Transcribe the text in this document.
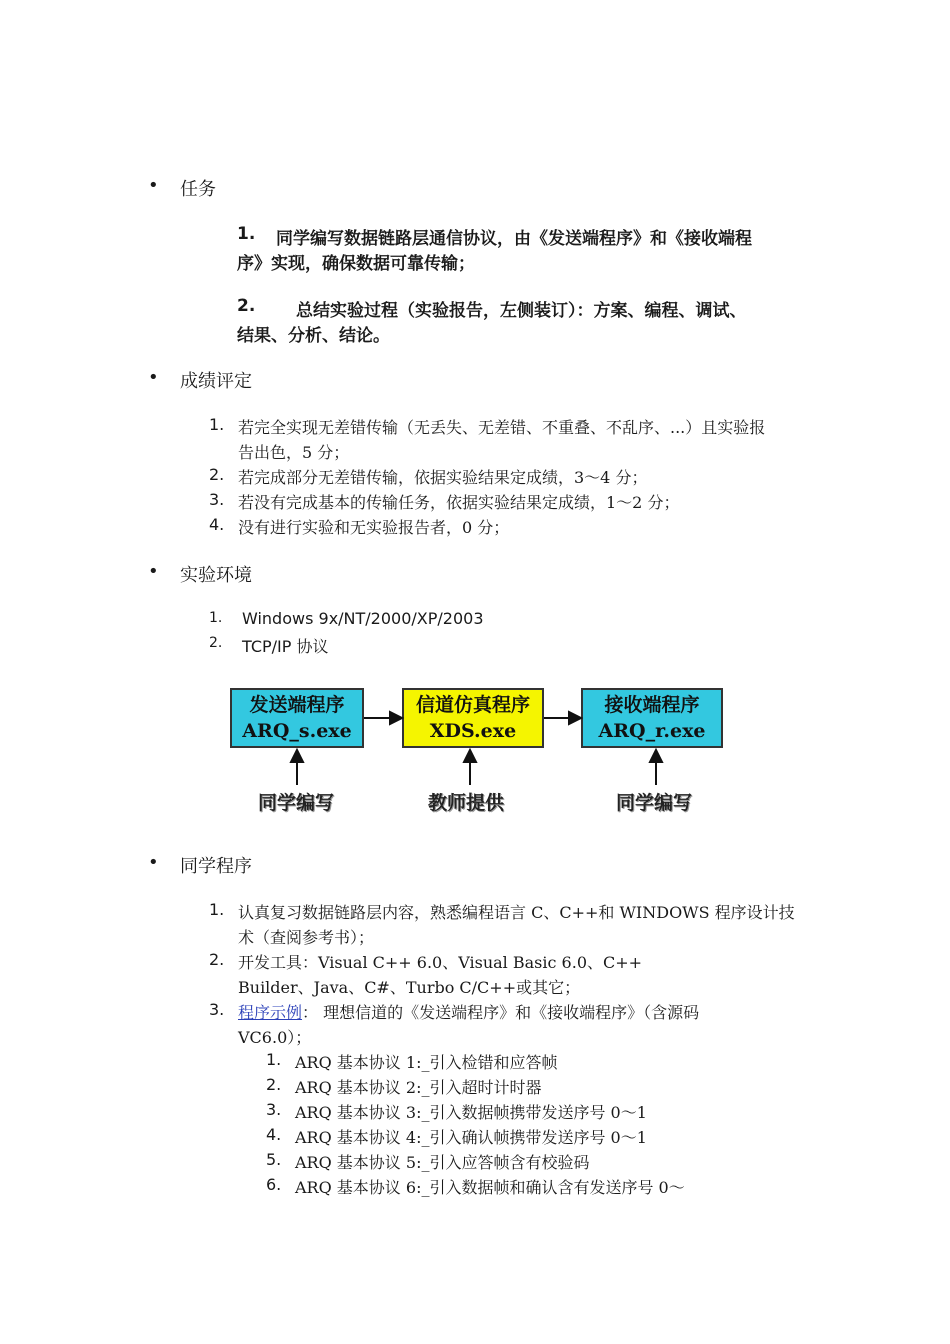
• 任务
1. 同学编写数据链路层通信协议，由《发送端程序》和《接收端程
序》实现，确保数据可靠传输；
2. 总结实验过程（实验报告，左侧装订）：方案、编程、调试、
结果、分析、结论。
• 成绩评定
1. 若完全实现无差错传输（无丢失、无差错、不重叠、不乱序、...）且实验报
告出色，5 分；
2. 若完成部分无差错传输，依据实验结果定成绩，3～4 分；
3. 若没有完成基本的传输任务，依据实验结果定成绩，1～2 分；
4. 没有进行实验和无实验报告者，0 分；
• 实验环境
1. Windows 9x/NT/2000/XP/2003
2. TCP/IP 协议
发送端程序
ARQ_s.exe
信道仿真程序
XDS.exe
接收端程序
ARQ_r.exe
同学编写	教师提供	同学编写
• 同学程序
1. 认真复习数据链路层内容，熟悉编程语言 C、C++和 WINDOWS 程序设计技
术（查阅参考书）；
2. 开发工具：Visual C++ 6.0、Visual Basic 6.0、C++
Builder、Java、C#、Turbo C/C++或其它；
3. 程序示例： 理想信道的《发送端程序》和《接收端程序》（含源码
VC6.0）；
1. ARQ 基本协议 1:_引入检错和应答帧
2. ARQ 基本协议 2:_引入超时计时器
3. ARQ 基本协议 3:_引入数据帧携带发送序号 0～1
4. ARQ 基本协议 4:_引入确认帧携带发送序号 0～1
5. ARQ 基本协议 5:_引入应答帧含有校验码
6. ARQ 基本协议 6:_引入数据帧和确认含有发送序号 0～
